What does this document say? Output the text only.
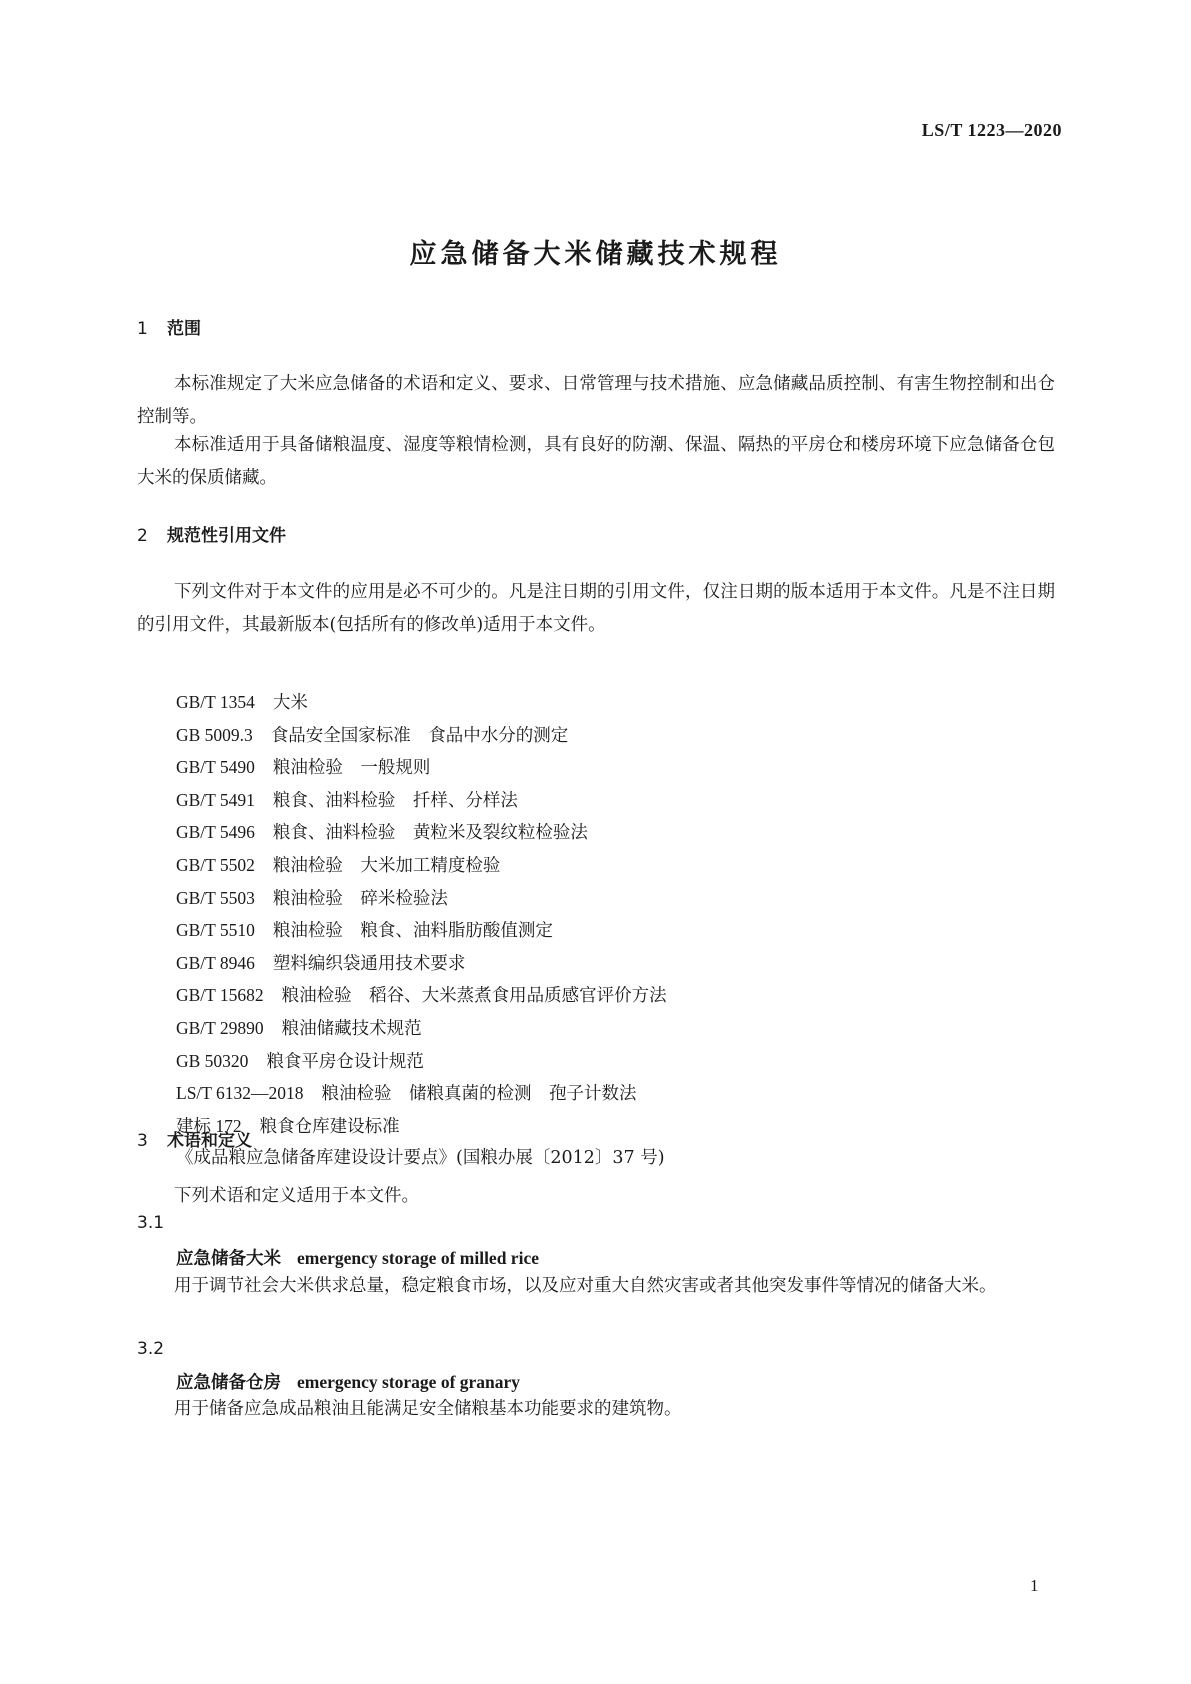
LS/T 1223—2020
应急储备大米储藏技术规程
1 范围

本标准规定了大米应急储备的术语和定义、要求、日常管理与技术措施、应急储藏品质控制、有害生物控制和出仓控制等。

本标准适用于具备储粮温度、湿度等粮情检测，具有良好的防潮、保温、隔热的平房仓和楼房环境下应急储备仓包大米的保质储藏。

2 规范性引用文件

下列文件对于本文件的应用是必不可少的。凡是注日期的引用文件，仅注日期的版本适用于本文件。凡是不注日期的引用文件，其最新版本(包括所有的修改单)适用于本文件。

GB/T 1354 大米
GB 5009.3 食品安全国家标准　食品中水分的测定
GB/T 5490 粮油检验　一般规则
GB/T 5491 粮食、油料检验　扦样、分样法
GB/T 5496 粮食、油料检验　黄粒米及裂纹粒检验法
GB/T 5502 粮油检验　大米加工精度检验
GB/T 5503 粮油检验　碎米检验法
GB/T 5510 粮油检验　粮食、油料脂肪酸值测定
GB/T 8946 塑料编织袋通用技术要求
GB/T 15682 粮油检验　稻谷、大米蒸煮食用品质感官评价方法
GB/T 29890 粮油储藏技术规范
GB 50320 粮食平房仓设计规范
LS/T 6132—2018 粮油检验　储粮真菌的检测　孢子计数法
建标 172 粮食仓库建设标准
《成品粮应急储备库建设设计要点》(国粮办展〔2012〕37 号)
3 术语和定义

下列术语和定义适用于本文件。

3.1
应急储备大米 emergency storage of milled rice

用于调节社会大米供求总量，稳定粮食市场，以及应对重大自然灾害或者其他突发事件等情况的储备大米。

3.2
应急储备仓房 emergency storage of granary

用于储备应急成品粮油且能满足安全储粮基本功能要求的建筑物。

1
